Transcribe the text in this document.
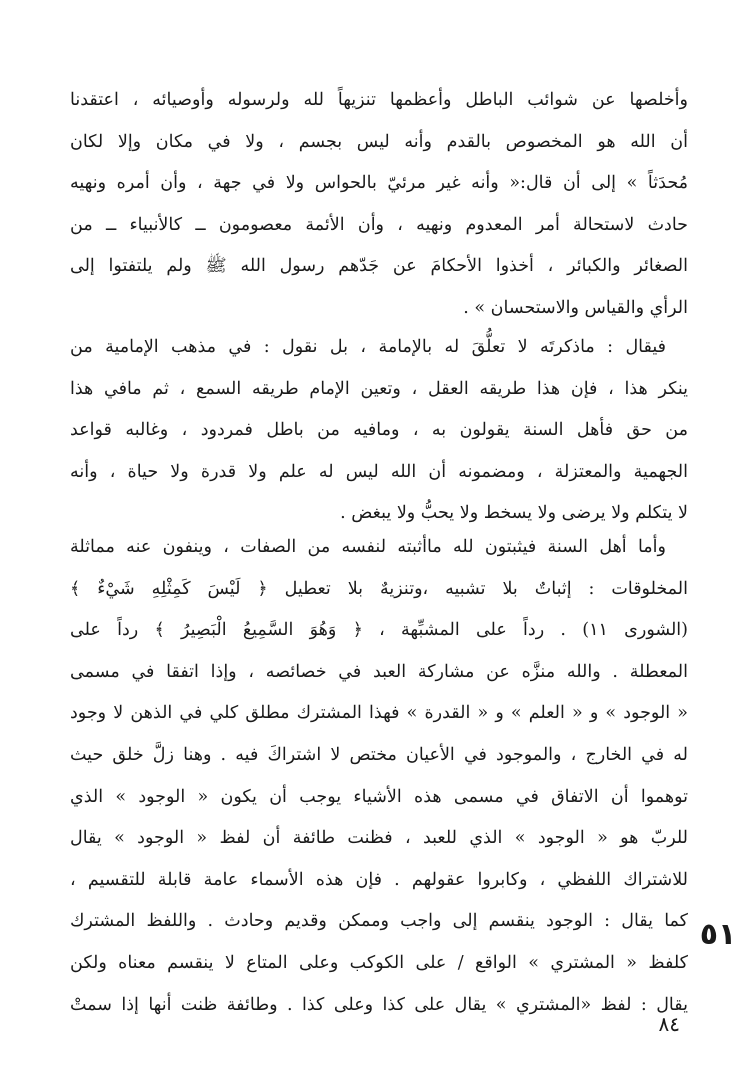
وأخلصها عن شوائب الباطل وأعظمها تنزيهاً لله ولرسوله وأوصيائه ، اعتقدنا
أن الله هو المخصوص بالقدم وأنه ليس بجسم ، ولا في مكان وإلا لكان
مُحدَثاً » إلى أن قال:« وأنه غير مرئيّ بالحواس ولا في جهة ، وأن أمره ونهيه
حادث لاستحالة أمر المعدوم ونهيه ، وأن الأئمة معصومون ــ كالأنبياء ــ من
الصغائر والكبائر ، أخذوا الأحكامَ عن جَدّهم رسول الله ﷺ ولم يلتفتوا إلى
الرأي والقياس والاستحسان » .
فيقال : ماذكرتَه لا تعلُّقَ له بالإمامة ، بل نقول : في مذهب الإمامية من
ينكر هذا ، فإن هذا طريقه العقل ، وتعين الإمام طريقه السمع ، ثم مافي هذا
من حق فأهل السنة يقولون به ، ومافيه من باطل فمردود ، وغالبه قواعد
الجهمية والمعتزلة ، ومضمونه أن الله ليس له علم ولا قدرة ولا حياة ، وأنه
لا يتكلم ولا يرضى ولا يسخط ولا يحبُّ ولا يبغض .
وأما أهل السنة فيثبتون لله ماأثبته لنفسه من الصفات ، وينفون عنه مماثلة
المخلوقات : إثباتٌ بلا تشبيه ،وتنزيهٌ بلا تعطيل ﴿ لَيْسَ كَمِثْلِهِ شَيْءٌ ﴾
(الشورى ١١) . رداً على المشبِّهة ، ﴿ وَهُوَ السَّمِيعُ الْبَصِيرُ ﴾ رداً على
المعطلة . والله منزَّه عن مشاركة العبد في خصائصه ، وإذا اتفقا في مسمى
« الوجود » و « العلم » و « القدرة » فهذا المشترك مطلق كلي في الذهن لا وجود
له في الخارج ، والموجود في الأعيان مختص لا اشتراكَ فيه . وهنا زلَّ خلق حيث
توهموا أن الاتفاق في مسمى هذه الأشياء يوجب أن يكون « الوجود » الذي
للربّ هو « الوجود » الذي للعبد ، فظنت طائفة أن لفظ « الوجود » يقال
للاشتراك اللفظي ، وكابروا عقولهم . فإن هذه الأسماء عامة قابلة للتقسيم ،
كما يقال : الوجود ينقسم إلى واجب وممكن وقديم وحادث . واللفظ المشترك
كلفظ « المشتري » الواقع / على الكوكب وعلى المتاع لا ينقسم معناه ولكن
يقال : لفظ «المشتري » يقال على كذا وعلى كذا . وطائفة ظنت أنها إذا سمتْ
٥١
٨٤
